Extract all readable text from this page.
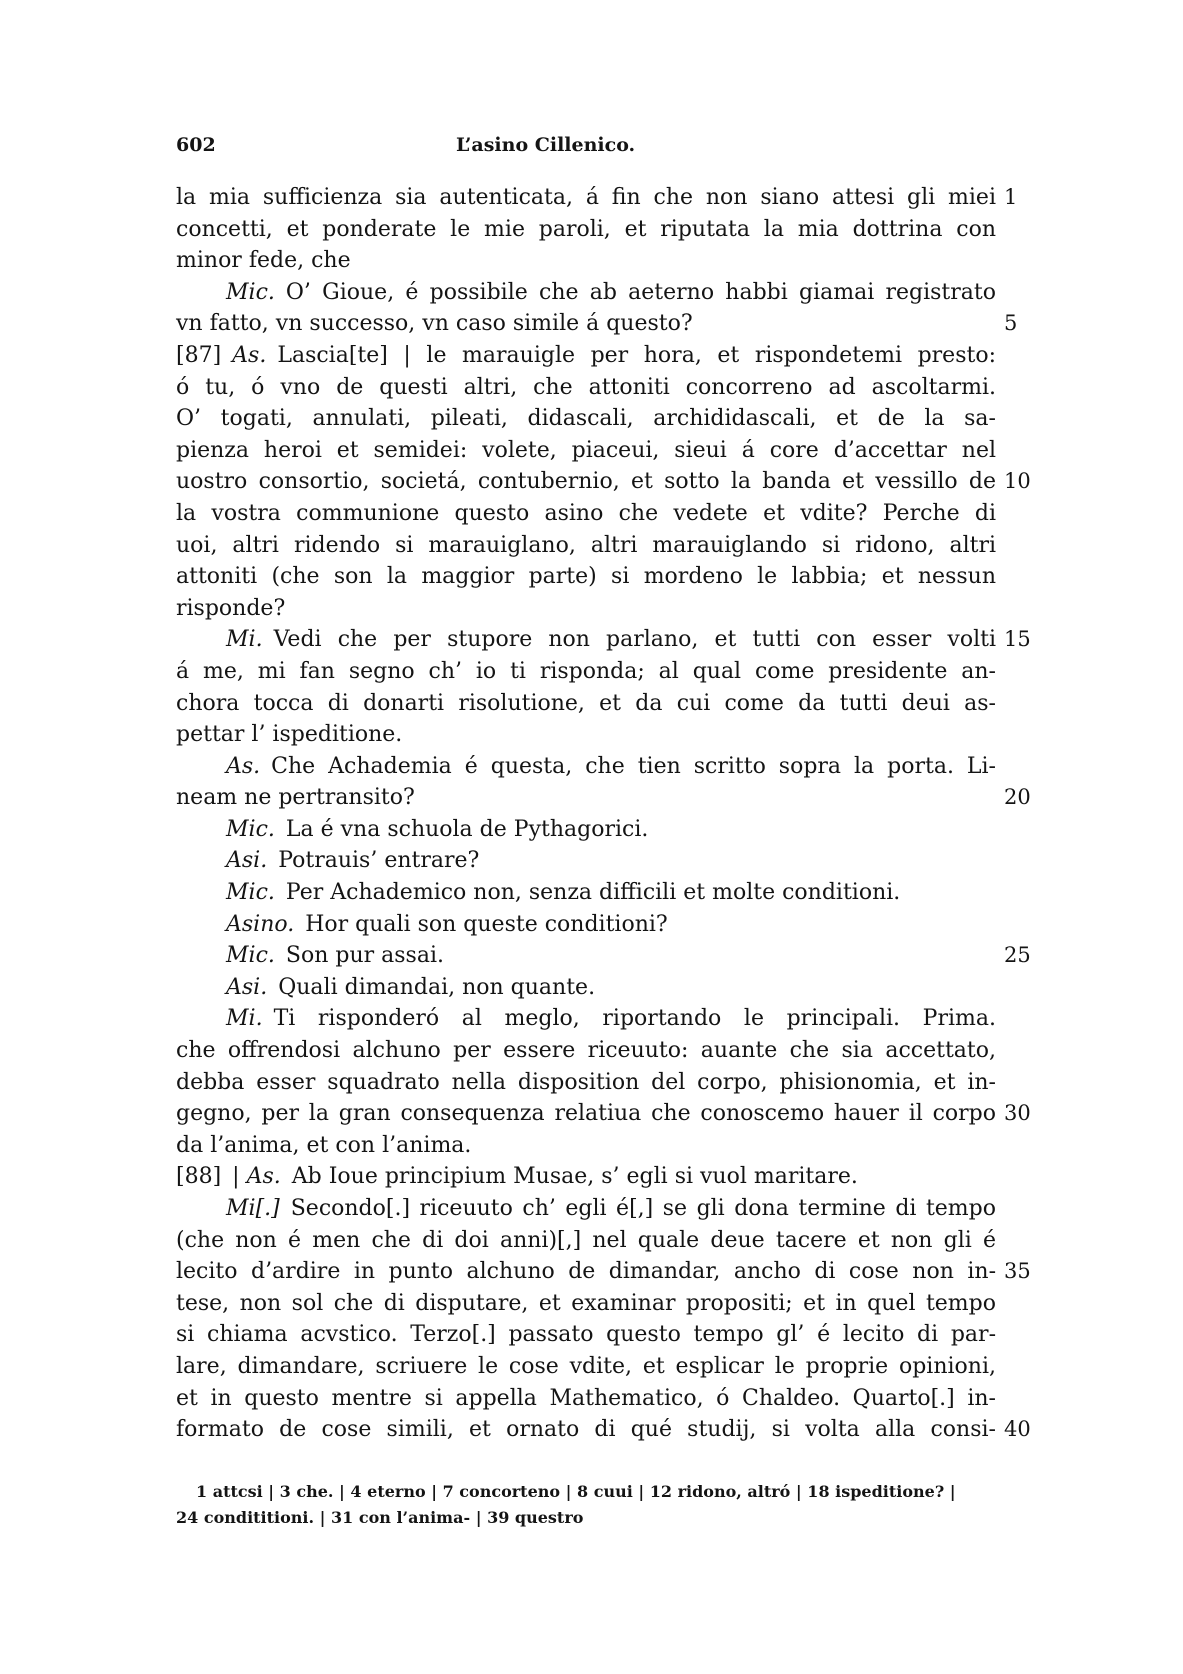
602	L’asino Cillenico.
la mia sufficienza sia autenticata, á fin che non siano attesi gli miei 1
concetti, et ponderate le mie paroli, et riputata la mia dottrina con
minor fede, che
Mic.  O’ Gioue, é possibile che ab aeterno habbi giamai registrato
vn fatto, vn successo, vn caso simile á questo?	5
[87]  As.  Lascia[te] | le marauigle per hora, et rispondetemi presto:
ó tu, ó vno de questi altri, che attoniti concorreno ad ascoltarmi.
O’ togati, annulati, pileati, didascali, archididascali, et de la sa-
pienza heroi et semidei: volete, piaceui, sieui á core d’accettar nel
uostro consortio, societá, contubernio, et sotto la banda et vessillo de 10
la vostra communione questo asino che vedete et vdite? Perche di
uoi, altri ridendo si marauiglano, altri marauiglando si ridono, altri
attoniti (che son la maggior parte) si mordeno le labbia; et nessun
risponde?
Mi.  Vedi che per stupore non parlano, et tutti con esser volti 15
á me, mi fan segno ch’ io ti risponda; al qual come presidente an-
chora tocca di donarti risolutione, et da cui come da tutti deui as-
pettar l’ ispeditione.
As.  Che Achademia é questa, che tien scritto sopra la porta. Li-
neam ne pertransito?	20
Mic.  La é vna schuola de Pythagorici.
Asi.  Potrauis’ entrare?
Mic.  Per Achademico non, senza difficili et molte conditioni.
Asino.  Hor quali son queste conditioni?
Mic.  Son pur assai.	25
Asi.  Quali dimandai, non quante.
Mi.  Ti risponderó al meglo, riportando le principali. Prima.
che offrendosi alchuno per essere riceuuto: auante che sia accettato,
debba esser squadrato nella disposition del corpo, phisionomia, et in-
gegno, per la gran consequenza relatiua che conoscemo hauer il corpo 30
da l’anima, et con l’anima.
[88]  | As.  Ab Ioue principium Musae, s’ egli si vuol maritare.
Mi[.]  Secondo[.] riceuuto ch’ egli é[,] se gli dona termine di tempo
(che non é men che di doi anni)[,] nel quale deue tacere et non gli é
lecito d’ardire in punto alchuno de dimandar, ancho di cose non in- 35
tese, non sol che di disputare, et examinar propositi; et in quel tempo
si chiama acvstico. Terzo[.] passato questo tempo gl’ é lecito di par-
lare, dimandare, scriuere le cose vdite, et esplicar le proprie opinioni,
et in questo mentre si appella Mathematico, ó Chaldeo. Quarto[.] in-
formato de cose simili, et ornato di qué studij, si volta alla consi- 40
1 attcsi | 3 che. | 4 eterno | 7 concorteno | 8 cuui | 12 ridono, altró | 18 ispeditione? |
24 condititioni. | 31 con l’anima- | 39 questro
